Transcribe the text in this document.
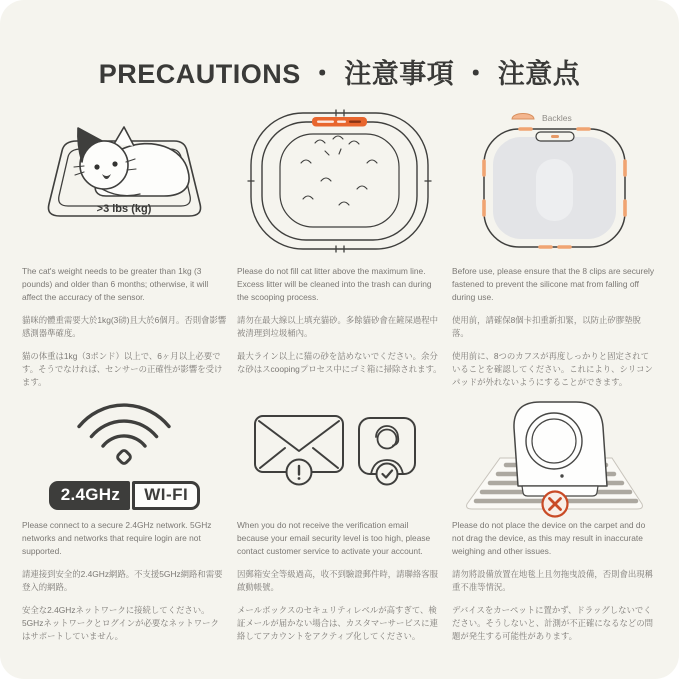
PRECAUTIONS ・ 注意事項 ・ 注意点
>3 lbs (kg)
Backles

The cat's weight needs to be greater than 1kg (3 pounds) and older than 6 months; otherwise, it will affect the accuracy of the sensor.

貓咪的體重需要大於1kg(3磅)且大於6個月。否則會影響感測器準確度。

猫の体重は1kg（3ポンド）以上で、6ヶ月以上必要です。そうでなければ、センサーの正確性が影響を受けます。

Please do not fill cat litter above the maximum line. Excess litter will be cleaned into the trash can during the scooping process.

請勿在最大線以上填充貓砂。多餘貓砂會在鏟屎過程中被清理到垃圾桶內。

最大ライン以上に猫の砂を詰めないでください。余分な砂はスcoopingプロセス中にゴミ箱に掃除されます。

Before use, please ensure that the 8 clips are securely fastened to prevent the silicone mat from falling off during use.

使用前，請確保8個卡扣重新扣緊，以防止矽膠墊脫落。

使用前に、8つのカフスが再度しっかりと固定されていることを確認してください。これにより、シリコンパッドが外れないようにすることができます。

2.4GHz	WI-FI

Please connect to a secure 2.4GHz network. 5GHz networks and networks that require login are not supported.

請連接到安全的2.4GHz網路。不支援5GHz網路和需要登入的網路。

安全な2.4GHzネットワークに接続してください。5GHzネットワークとログインが必要なネットワークはサポートしていません。

When you do not receive the verification email because your email security level is too high, please contact customer service to activate your account.

因郵箱安全等級過高，收不到驗證郵件時，請聯絡客服啟動帳號。

メールボックスのセキュリティレベルが高すぎて、検証メールが届かない場合は、カスタマーサービスに連絡してアカウントをアクティブ化してください。

Please do not place the device on the carpet and do not drag the device, as this may result in inaccurate weighing and other issues.

請勿將設備放置在地毯上且勿拖曳設備，否則會出現稱重不准等情況。

デバイスをカーペットに置かず、ドラッグしないでください。そうしないと、計測が不正確になるなどの問題が発生する可能性があります。
